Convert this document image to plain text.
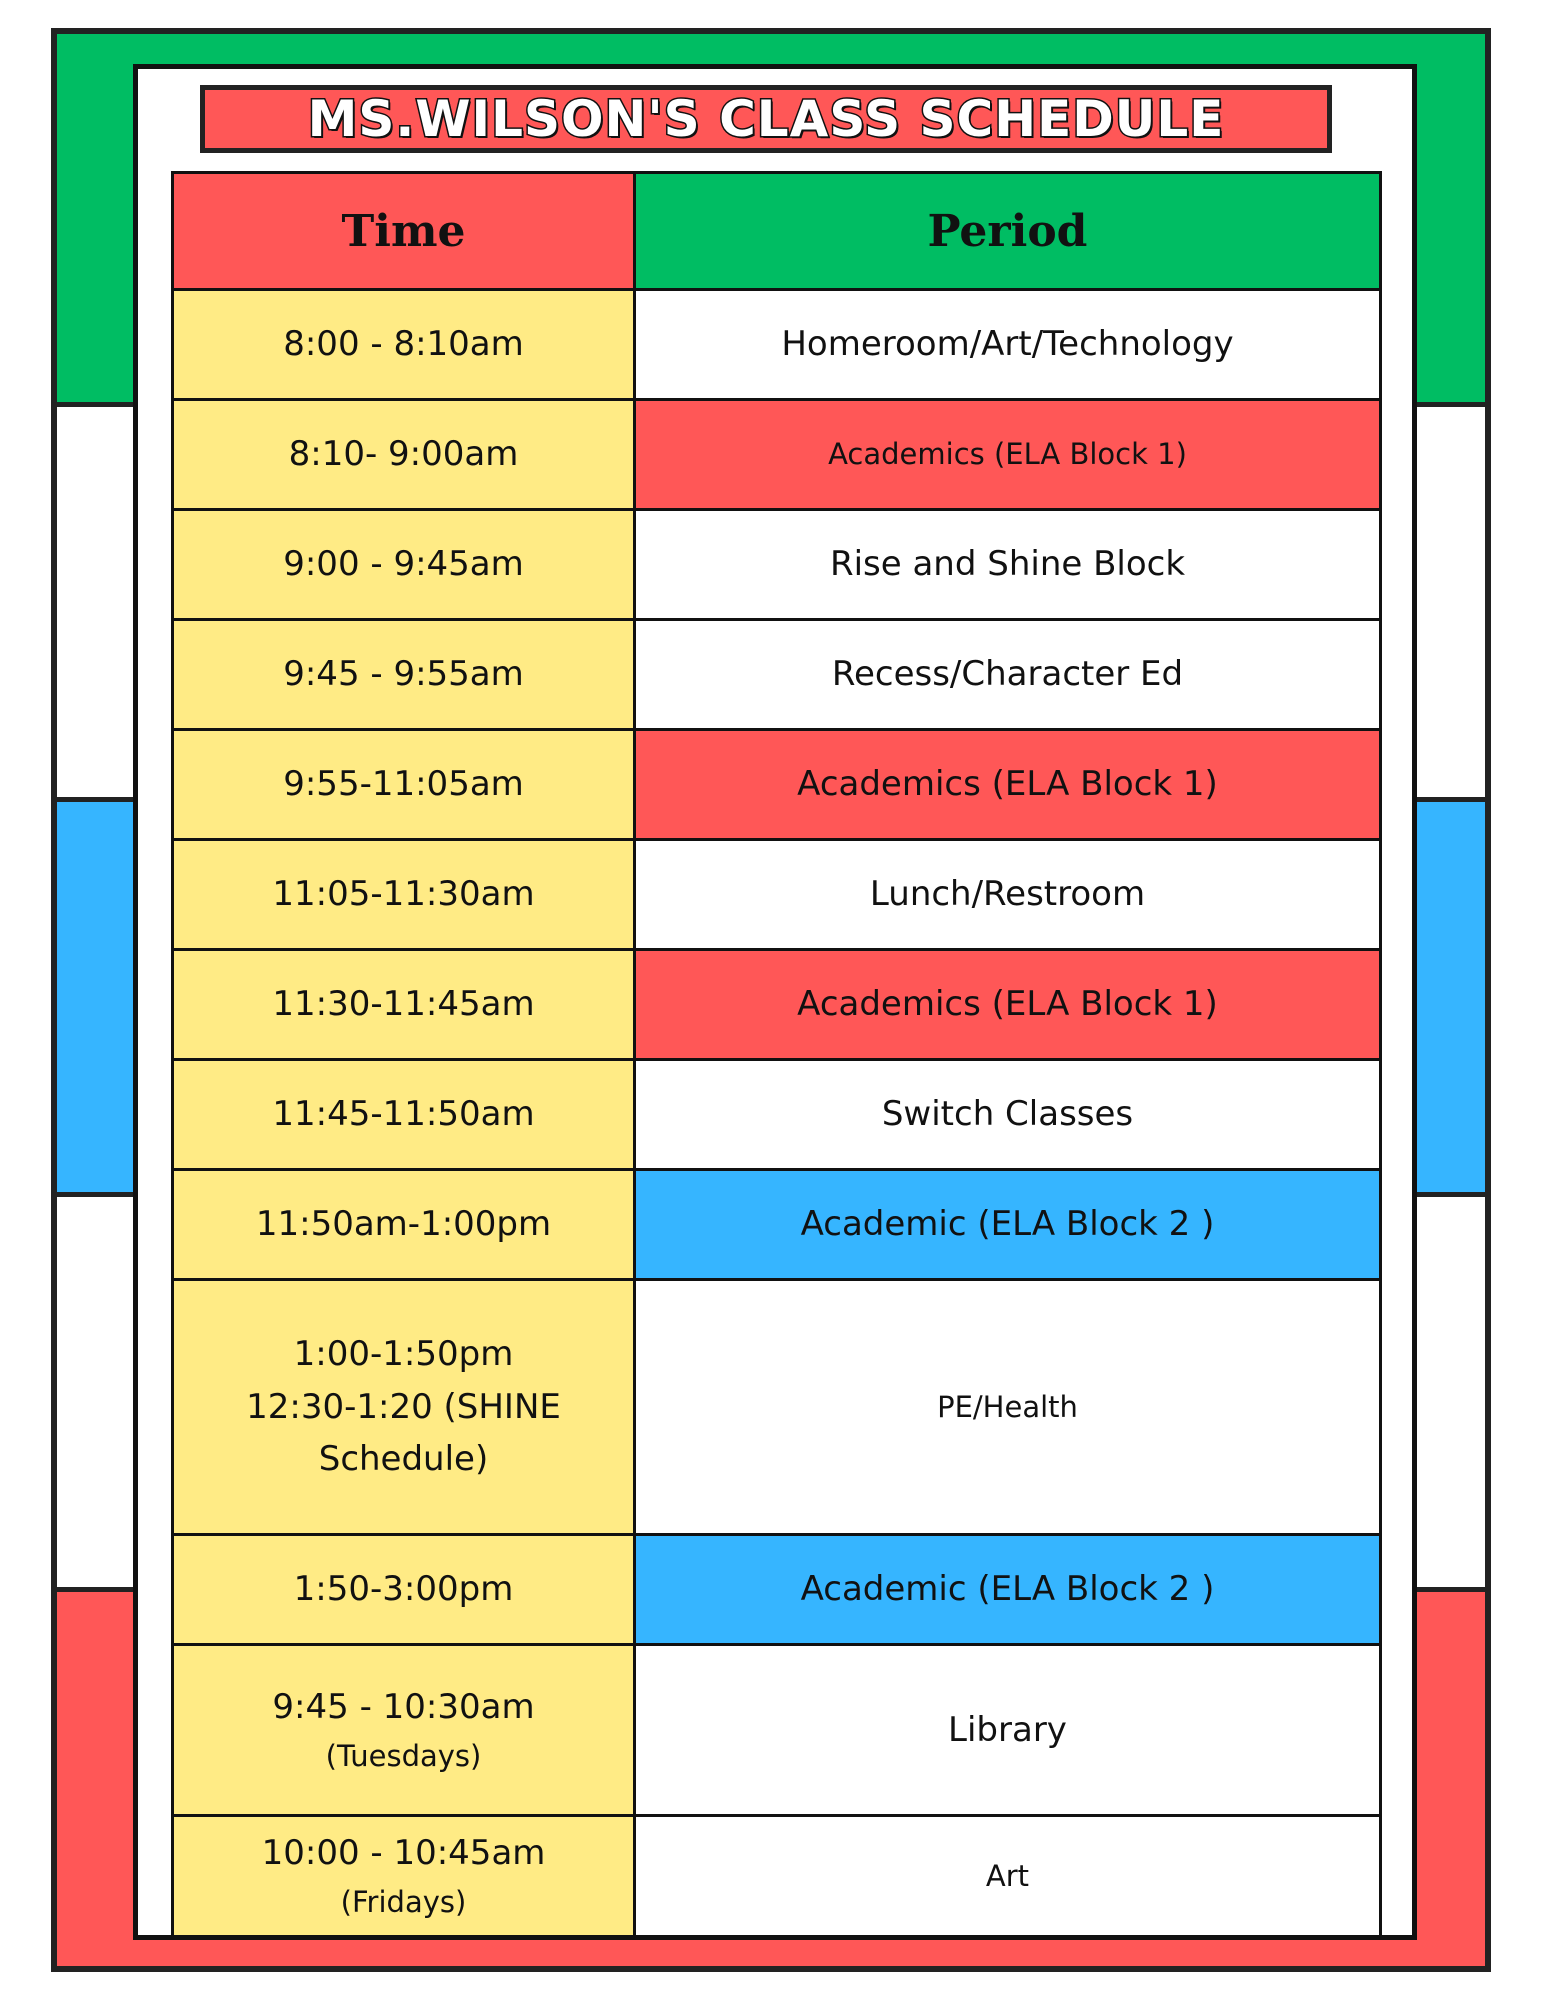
MS.WILSON'S CLASS SCHEDULE
Time	Period

8:00 - 8:10am	Homeroom/Art/Technology

8:10- 9:00am	Academics (ELA Block 1)

9:00 - 9:45am	Rise and Shine Block

9:45 - 9:55am	Recess/Character Ed

9:55-11:05am	Academics (ELA Block 1)

11:05-11:30am	Lunch/Restroom

11:30-11:45am	Academics (ELA Block 1)

11:45-11:50am	Switch Classes

11:50am-1:00pm	Academic (ELA Block 2 )

1:00-1:50pm
12:30-1:20 (SHINE
Schedule)	PE/Health

1:50-3:00pm	Academic (ELA Block 2 )

9:45 - 10:30am
(Tuesdays)	Library

10:00 - 10:45am
(Fridays)	Art
